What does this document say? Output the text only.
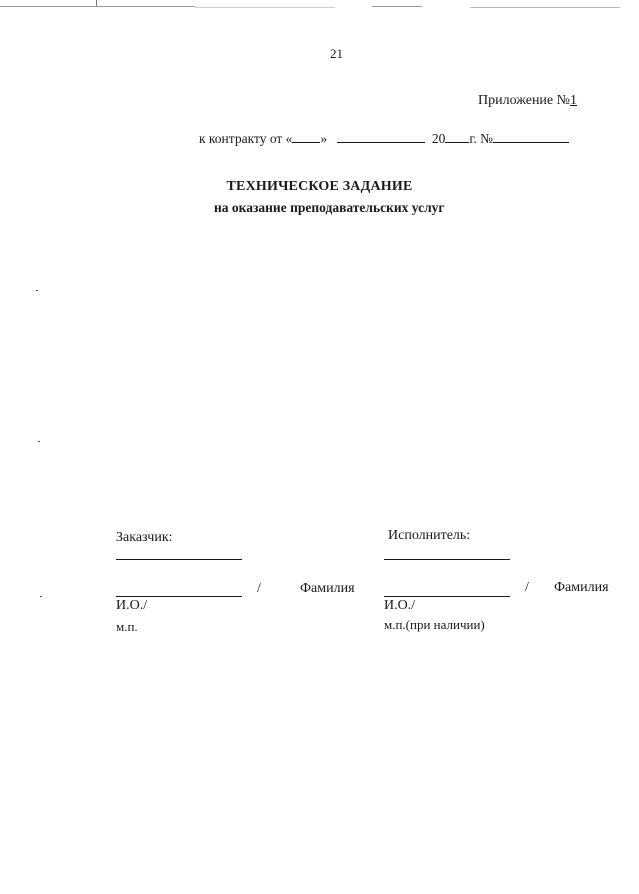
21
Приложение №1
к контракту от « »	20 г. №
ТЕХНИЧЕСКОЕ ЗАДАНИЕ
на оказание преподавательских услуг
Заказчик:
/	Фамилия
И.О./
м.п.
Исполнитель:
/ Фамилия
И.О./
м.п.(при наличии)
